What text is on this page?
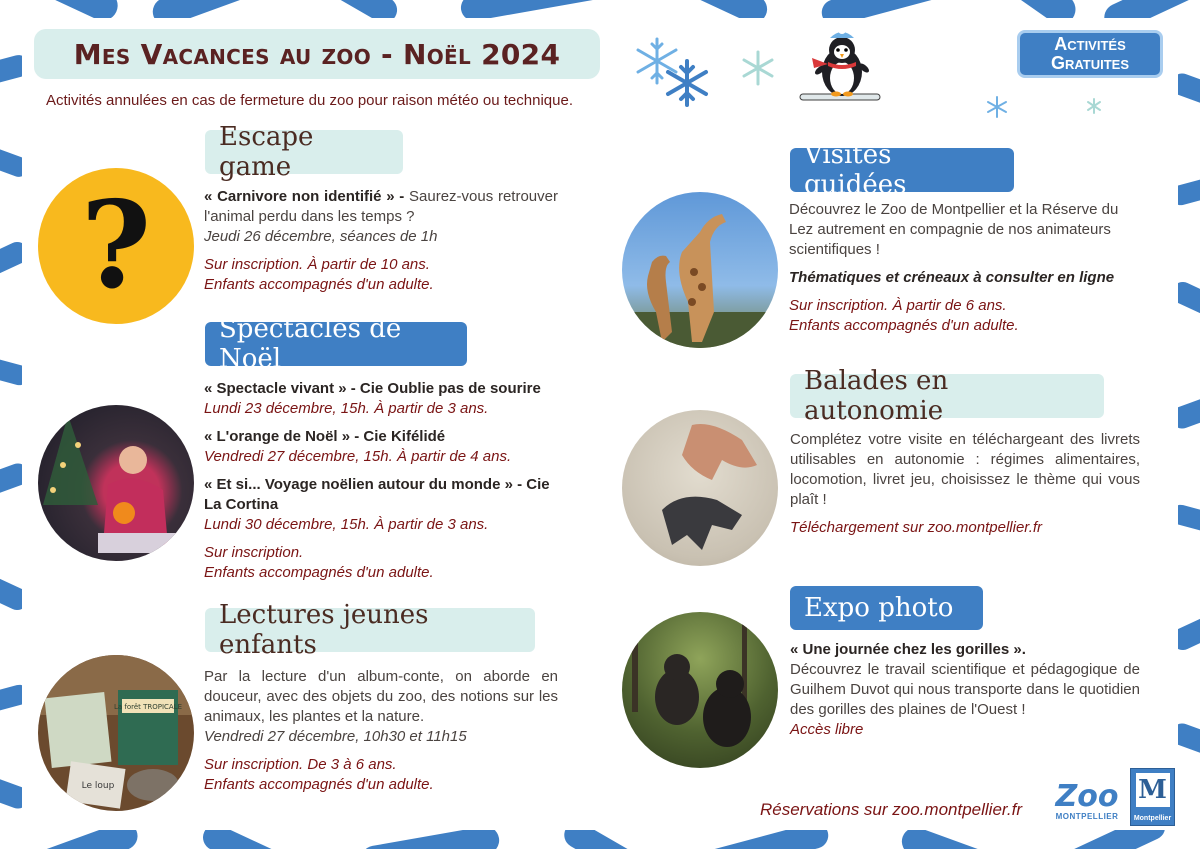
Mes Vacances au zoo - Noël 2024
Activités annulées en cas de fermeture du zoo pour raison météo ou technique.
Activités
Gratuites
Escape game
?	« Carnivore non identifié » - Saurez-vous retrouver l'animal perdu dans les temps ?

Jeudi 26 décembre, séances de 1h

Sur inscription. À partir de 10 ans.

Enfants accompagnés d'un adulte.

Spectacles de Noël

« Spectacle vivant » - Cie Oublie pas de sourire

Lundi 23 décembre, 15h. À partir de 3 ans.

« L'orange de Noël » - Cie Kifélidé

Vendredi 27 décembre, 15h. À partir de 4 ans.

« Et si... Voyage noëlien autour du monde » - Cie La Cortina

Lundi 30 décembre, 15h. À partir de 3 ans.

Sur inscription.

Enfants accompagnés d'un adulte.

Lectures jeunes enfants
La forêt TROPICALE
Le loup

Par la lecture d'un album-conte, on aborde en douceur, avec des objets du zoo, des notions sur les animaux, les plantes et la nature.

Vendredi 27 décembre, 10h30 et 11h15

Sur inscription. De 3 à 6 ans.

Enfants accompagnés d'un adulte.

Visites guidées

Découvrez le Zoo de Montpellier et la Réserve du Lez autrement en compagnie de nos animateurs scientifiques !

Thématiques et créneaux à consulter en ligne

Sur inscription. À partir de 6 ans.

Enfants accompagnés d'un adulte.

Balades en autonomie

Complétez votre visite en téléchargeant des livrets utilisables en autonomie : régimes alimentaires, locomotion, livret jeu, choisissez le thème qui vous plaît !

Téléchargement sur zoo.montpellier.fr

Expo photo

« Une journée chez les gorilles ».

Découvrez le travail scientifique et pédagogique de Guilhem Duvot qui nous transporte dans le quotidien des gorilles des plaines de l'Ouest !

Accès libre

Réservations sur zoo.montpellier.fr Zoo
MONTPELLIER
M
Montpellier
